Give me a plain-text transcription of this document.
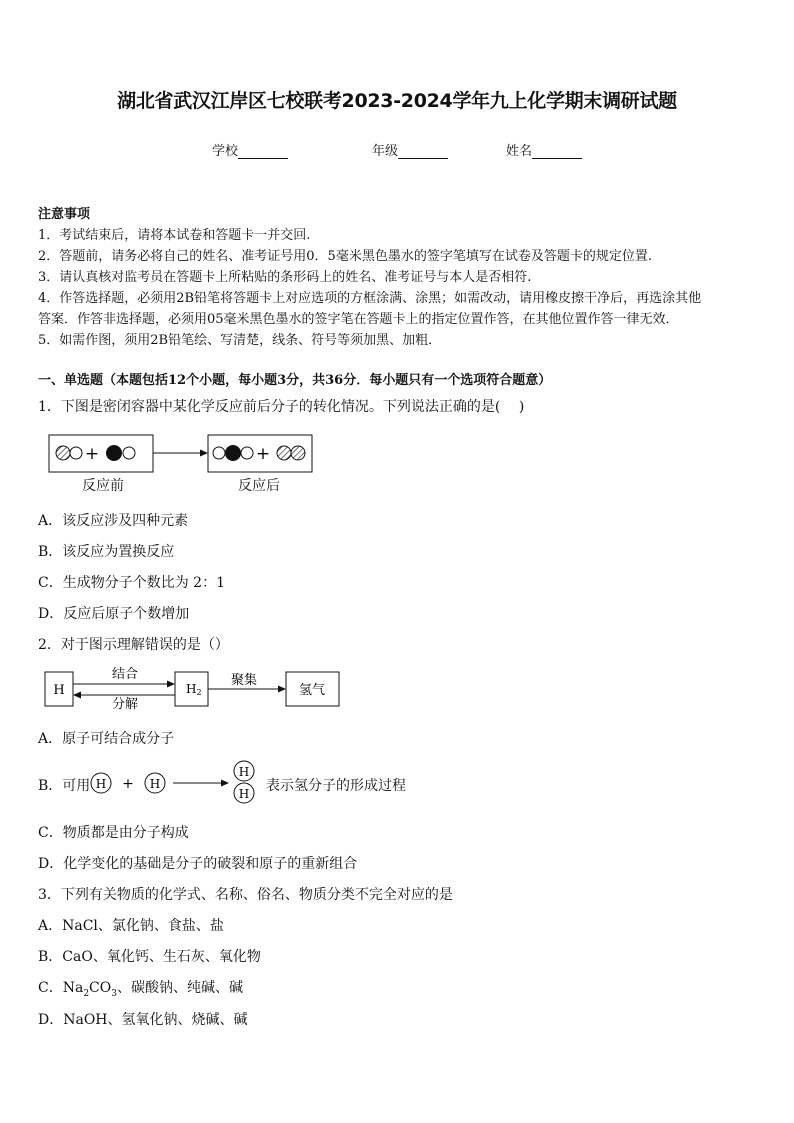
湖北省武汉江岸区七校联考2023-2024学年九上化学期末调研试题
学校	年级	姓名
注意事项
1．考试结束后，请将本试卷和答题卡一并交回.
2．答题前，请务必将自己的姓名、准考证号用0．5毫米黑色墨水的签字笔填写在试卷及答题卡的规定位置.
3．请认真核对监考员在答题卡上所粘贴的条形码上的姓名、准考证号与本人是否相符.
4．作答选择题，必须用2B铅笔将答题卡上对应选项的方框涂满、涂黑；如需改动，请用橡皮擦干净后，再选涂其他
答案．作答非选择题，必须用05毫米黑色墨水的签字笔在答题卡上的指定位置作答，在其他位置作答一律无效．
5．如需作图，须用2B铅笔绘、写清楚，线条、符号等须加黑、加粗．
一、单选题（本题包括12个小题，每小题3分，共36分．每小题只有一个选项符合题意）
1．下图是密闭容器中某化学反应前后分子的转化情况。下列说法正确的是(　 )
+	+
反应前	反应后
A．该反应涉及四种元素
B．该反应为置换反应
C．生成物分子个数比为 2：1
D．反应后原子个数增加
2．对于图示理解错误的是（）
H
结合
分解
H2
聚集
氢气
A．原子可结合成分子
B．可用 H + H
H
H 表示氢分子的形成过程
C．物质都是由分子构成
D．化学变化的基础是分子的破裂和原子的重新组合
3．下列有关物质的化学式、名称、俗名、物质分类不完全对应的是
A．NaCl、氯化钠、食盐、盐
B．CaO、氧化钙、生石灰、氧化物
C．$Na_2CO_3$、碳酸钠、纯碱、碱
D．NaOH、氢氧化钠、烧碱、碱
